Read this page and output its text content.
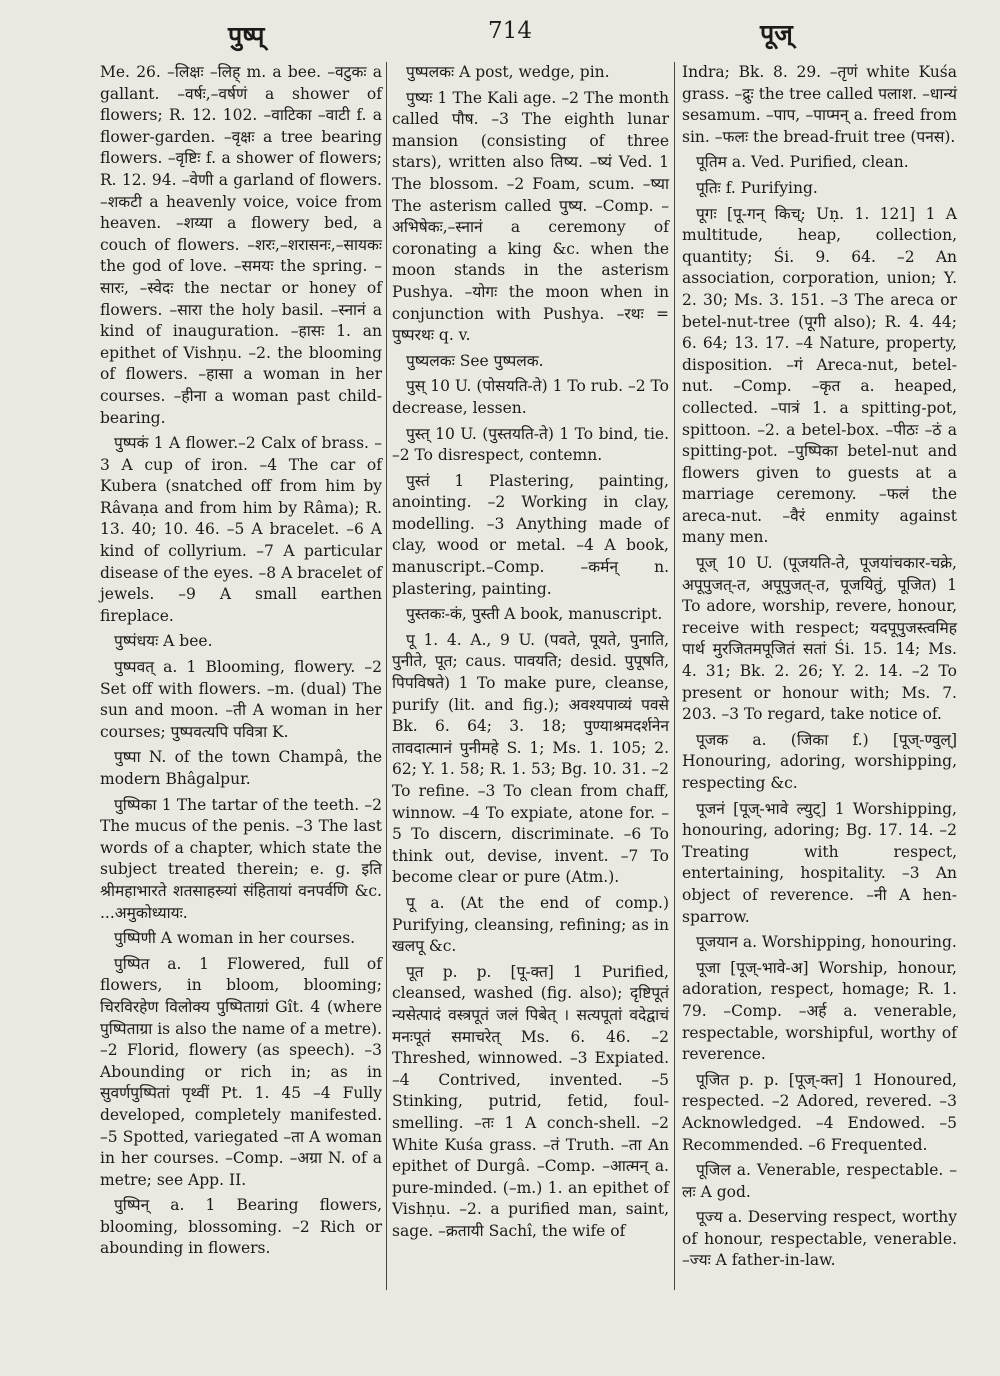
पुष्प्	714	पूज्

Me. 26. –लिक्षः –लिह् m. a bee. –वटुकः a gallant. –वर्षः,–वर्षणं a shower of flowers; R. 12. 102. –वाटिका –वाटी f. a flower-garden. –वृक्षः a tree bearing flowers. –वृष्टिः f. a shower of flowers; R. 12. 94. –वेणी a garland of flowers. –शकटी a heavenly voice, voice from heaven. –शय्या a flowery bed, a couch of flowers. –शरः,–शरासनः,–सायकः the god of love. –समयः the spring. –सारः, –स्वेदः the nectar or honey of flowers. –सारा the holy basil. –स्नानं a kind of inauguration. –हासः 1. an epithet of Vishṇu. –2. the blooming of flowers. –हासा a woman in her courses. –हीना a woman past child-bearing.

पुष्पकं 1 A flower.–2 Calx of brass. –3 A cup of iron. –4 The car of Kubera (snatched off from him by Râvaṇa and from him by Râma); R. 13. 40; 10. 46. –5 A bracelet. –6 A kind of collyrium. –7 A particular disease of the eyes. –8 A bracelet of jewels. –9 A small earthen fireplace.

पुष्पंधयः A bee.

पुष्पवत् a. 1 Blooming, flowery. –2 Set off with flowers. –m. (dual) The sun and moon. –ती A woman in her courses; पुष्पवत्यपि पवित्रा K.

पुष्पा N. of the town Champâ, the modern Bhâgalpur.

पुष्पिका 1 The tartar of the teeth. –2 The mucus of the penis. –3 The last words of a chapter, which state the subject treated therein; e. g. इति श्रीमहाभारते शतसाहस्र्यां संहितायां वनपर्वणि &c. ...अमुकोध्यायः.

पुष्पिणी A woman in her courses.

पुष्पित a. 1 Flowered, full of flowers, in bloom, blooming; चिरविरहेण विलोक्य पुष्पिताग्रां Gît. 4 (where पुष्पिताग्रा is also the name of a metre). –2 Florid, flowery (as speech). –3 Abounding or rich in; as in सुवर्णपुष्पितां पृथ्वीं Pt. 1. 45 –4 Fully developed, completely manifested. –5 Spotted, variegated –ता A woman in her courses. –Comp. –अग्रा N. of a metre; see App. II.

पुष्पिन् a. 1 Bearing flowers, blooming, blossoming. –2 Rich or abounding in flowers.

पुष्पलकः A post, wedge, pin.

पुष्यः 1 The Kali age. –2 The month called पौष. –3 The eighth lunar mansion (consisting of three stars), written also तिष्य. –ष्यं Ved. 1 The blossom. –2 Foam, scum. –ष्या The asterism called पुष्य. –Comp. –अभिषेकः,–स्नानं a ceremony of coronating a king &c. when the moon stands in the asterism Pushya. –योगः the moon when in conjunction with Pushya. –रथः = पुष्परथः q. v.

पुष्यलकः See पुष्पलक.

पुस् 10 U. (पोसयति-ते) 1 To rub. –2 To decrease, lessen.

पुस्त् 10 U. (पुस्तयति-ते) 1 To bind, tie. –2 To disrespect, contemn.

पुस्तं 1 Plastering, painting, anointing. –2 Working in clay, modelling. –3 Anything made of clay, wood or metal. –4 A book, manuscript.–Comp. –कर्मन् n. plastering, painting.

पुस्तकः-कं, पुस्ती A book, manuscript.

पू 1. 4. A., 9 U. (पवते, पूयते, पुनाति, पुनीते, पूत; caus. पावयति; desid. पुपूषति, पिपविषते) 1 To make pure, cleanse, purify (lit. and fig.); अवश्यपाव्यं पवसे Bk. 6. 64; 3. 18; पुण्याश्रमदर्शनेन तावदात्मानं पुनीमहे S. 1; Ms. 1. 105; 2. 62; Y. 1. 58; R. 1. 53; Bg. 10. 31. –2 To refine. –3 To clean from chaff, winnow. –4 To expiate, atone for. –5 To discern, discriminate. –6 To think out, devise, invent. –7 To become clear or pure (Atm.).

पू a. (At the end of comp.) Purifying, cleansing, refining; as in खलपू &c.

पूत p. p. [पू-क्त] 1 Purified, cleansed, washed (fig. also); दृष्टिपूतं न्यसेत्पादं वस्त्रपूतं जलं पिबेत् । सत्यपूतां वदेद्वाचं मनःपूतं समाचरेत् Ms. 6. 46. –2 Threshed, winnowed. –3 Expiated. –4 Contrived, invented. –5 Stinking, putrid, fetid, foul-smelling. –तः 1 A conch-shell. –2 White Kuśa grass. –तं Truth. –ता An epithet of Durgâ. –Comp. –आत्मन् a. pure-minded. (–m.) 1. an epithet of Vishṇu. –2. a purified man, saint, sage. –क्रतायी Sachî, the wife of

Indra; Bk. 8. 29. –तृणं white Kuśa grass. –द्रुः the tree called पलाश. –धान्यं sesamum. –पाप, –पाप्मन् a. freed from sin. –फलः the bread-fruit tree (पनस).

पूतिम a. Ved. Purified, clean.

पूतिः f. Purifying.

पूगः [पू-गन् किच्; Uṇ. 1. 121] 1 A multitude, heap, collection, quantity; Śi. 9. 64. –2 An association, corporation, union; Y. 2. 30; Ms. 3. 151. –3 The areca or betel-nut-tree (पूगी also); R. 4. 44; 6. 64; 13. 17. –4 Nature, property, disposition. –गं Areca-nut, betel-nut. –Comp. –कृत a. heaped, collected. –पात्रं 1. a spitting-pot, spittoon. –2. a betel-box. –पीठः –ठं a spitting-pot. –पुष्पिका betel-nut and flowers given to guests at a marriage ceremony. –फलं the areca-nut. –वैरं enmity against many men.

पूज् 10 U. (पूजयति-ते, पूजयांचकार-चक्रे, अपूपुजत्-त, अपूपुजत्-त, पूजयितुं, पूजित) 1 To adore, worship, revere, honour, receive with respect; यदपूपुजस्त्वमिह पार्थ मुरजितमपूजितं सतां Śi. 15. 14; Ms. 4. 31; Bk. 2. 26; Y. 2. 14. –2 To present or honour with; Ms. 7. 203. –3 To regard, take notice of.

पूजक a. (जिका f.) [पूज्-ण्वुल्] Honouring, adoring, worshipping, respecting &c.

पूजनं [पूज्-भावे ल्युट्] 1 Worshipping, honouring, adoring; Bg. 17. 14. –2 Treating with respect, entertaining, hospitality. –3 An object of reverence. –नी A hen-sparrow.

पूजयान a. Worshipping, honouring.

पूजा [पूज्-भावे-अ] Worship, honour, adoration, respect, homage; R. 1. 79. –Comp. –अर्ह a. venerable, respectable, worshipful, worthy of reverence.

पूजित p. p. [पूज्-क्त] 1 Honoured, respected. –2 Adored, revered. –3 Acknowledged. –4 Endowed. –5 Recommended. –6 Frequented.

पूजिल a. Venerable, respectable. –लः A god.

पूज्य a. Deserving respect, worthy of honour, respectable, venerable. –ज्यः A father-in-law.
